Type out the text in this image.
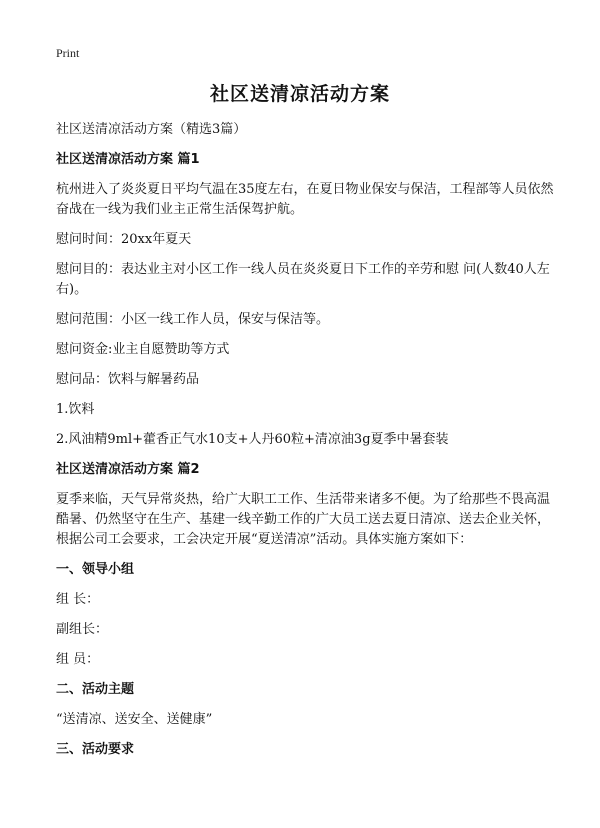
Print
社区送清凉活动方案
社区送清凉活动方案（精选3篇）
社区送清凉活动方案 篇1
杭州进入了炎炎夏日平均气温在35度左右，在夏日物业保安与保洁，工程部等人员依然奋战在一线为我们业主正常生活保驾护航。
慰问时间：20xx年夏天
慰问目的：表达业主对小区工作一线人员在炎炎夏日下工作的辛劳和慰 问(人数40人左右)。
慰问范围：小区一线工作人员，保安与保洁等。
慰问资金:业主自愿赞助等方式
慰问品：饮料与解暑药品
1.饮料
2.风油精9ml+藿香正气水10支+人丹60粒+清凉油3g夏季中暑套装
社区送清凉活动方案 篇2
夏季来临，天气异常炎热，给广大职工工作、生活带来诸多不便。为了给那些不畏高温酷暑、仍然坚守在生产、基建一线辛勤工作的广大员工送去夏日清凉、送去企业关怀，根据公司工会要求，工会决定开展“夏送清凉”活动。具体实施方案如下：
一、领导小组
组 长：
副组长：
组 员：
二、活动主题
“送清凉、送安全、送健康”
三、活动要求
